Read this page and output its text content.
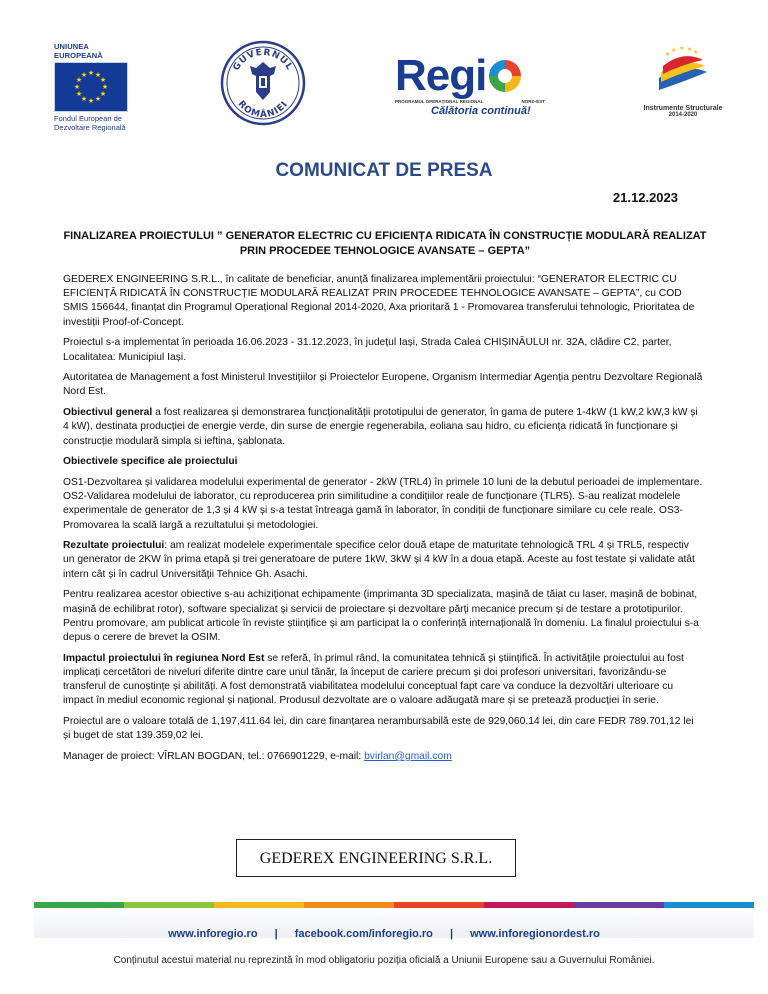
UNIUNEA EUROPEANĂ
★ ★
★
★
★
★
★
★
★
★
★
★
Fondul European de
Dezvoltare Regională
GUVERNUL
ROMÂNIEI
Regi
PROGRAMUL OPERAȚIONAL REGIONAL	NORD-EST
Călătoria continuă!
★ ★ ★
★
★
Instrumente Structurale
2014-2020
COMUNICAT DE PRESA
21.12.2023
FINALIZAREA PROIECTULUI ” GENERATOR ELECTRIC CU EFICIENȚA RIDICATA ÎN CONSTRUCȚIE MODULARĂ REALIZAT PRIN PROCEDEE TEHNOLOGICE AVANSATE – GEPTA”

GEDEREX ENGINEERING S.R.L., în calitate de beneficiar, anunță finalizarea implementării proiectului: “GENERATOR ELECTRIC CU EFICIENȚĂ RIDICATĂ ÎN CONSTRUCȚIE MODULARĂ REALIZAT PRIN PROCEDEE TEHNOLOGICE AVANSATE – GEPTA”, cu COD SMIS 156644, finanțat din Programul Operațional Regional 2014-2020, Axa prioritară 1 - Promovarea transferului tehnologic, Prioritatea de investiții Proof-of-Concept.

Proiectul s-a implementat în perioada 16.06.2023 - 31.12.2023, în județul Iași, Strada Calea CHIȘINĂULUI nr. 32A, clădire C2, parter, Localitatea: Municipiul Iași.

Autoritatea de Management a fost Ministerul Investițiilor și Proiectelor Europene, Organism Intermediar Agenția pentru Dezvoltare Regională Nord Est.

Obiectivul general a fost realizarea și demonstrarea funcționalității prototipului de generator, în gama de putere 1-4kW (1 kW,2 kW,3 kW și 4 kW), destinata producției de energie verde, din surse de energie regenerabila, eoliana sau hidro, cu eficiența ridicată în funcționare și construcție modulară simpla si ieftina, șablonata.

Obiectivele specifice ale proiectului

OS1-Dezvoltarea și validarea modelului experimental de generator - 2kW (TRL4) în primele 10 luni de la debutul perioadei de implementare. OS2-Validarea modelului de laborator, cu reproducerea prin similitudine a condițiilor reale de funcționare (TLR5). S-au realizat modelele experimentale de generator de 1,3 și 4 kW și s-a testat întreaga gamă în laborator, în condiții de funcționare similare cu cele reale. OS3-Promovarea la scală largă a rezultatului și metodologiei.

Rezultate proiectului: am realizat modelele experimentale specifice celor două etape de maturitate tehnologică TRL 4 și TRL5, respectiv un generator de 2KW în prima etapă și trei generatoare de putere 1kW, 3kW și 4 kW în a doua etapă. Aceste au fost testate și validate atât intern cât și în cadrul Universității Tehnice Gh. Asachi.

Pentru realizarea acestor obiective s-au achiziționat echipamente (imprimanta 3D specializata, mașină de tăiat cu laser, mașină de bobinat, mașină de echilibrat rotor), software specializat și servicii de proiectare și dezvoltare părți mecanice precum și de testare a prototipurilor. Pentru promovare, am publicat articole în reviste științifice și am participat la o conferință internațională în domeniu. La finalul proiectului s-a depus o cerere de brevet la OSIM.

Impactul proiectului în regiunea Nord Est se referă, în primul rând, la comunitatea tehnică și științifică. În activitățile proiectului au fost implicați cercetători de niveluri diferite dintre care unul tânăr, la început de cariere precum și doi profesori universitari, favorizându-se transferul de cunoștințe și abilități. A fost demonstrată viabilitatea modelului conceptual fapt care va conduce la dezvoltări ulterioare cu impact în mediul economic regional și național. Produsul dezvoltate are o valoare adăugată mare și se pretează producției în serie.

Proiectul are o valoare totală de 1,197,411.64 lei, din care finanțarea nerambursabilă este de 929,060.14 lei, din care FEDR 789.701,12 lei și buget de stat 139.359,02 lei.

Manager de proiect: VÎRLAN BOGDAN, tel.: 0766901229, e-mail: bvirlan@gmail.com

GEDEREX ENGINEERING S.R.L.
www.inforegio.ro | facebook.com/inforegio.ro | www.inforegionordest.ro
Conținutul acestui material nu reprezintă în mod obligatoriu poziția oficială a Uniunii Europene sau a Guvernului României.
